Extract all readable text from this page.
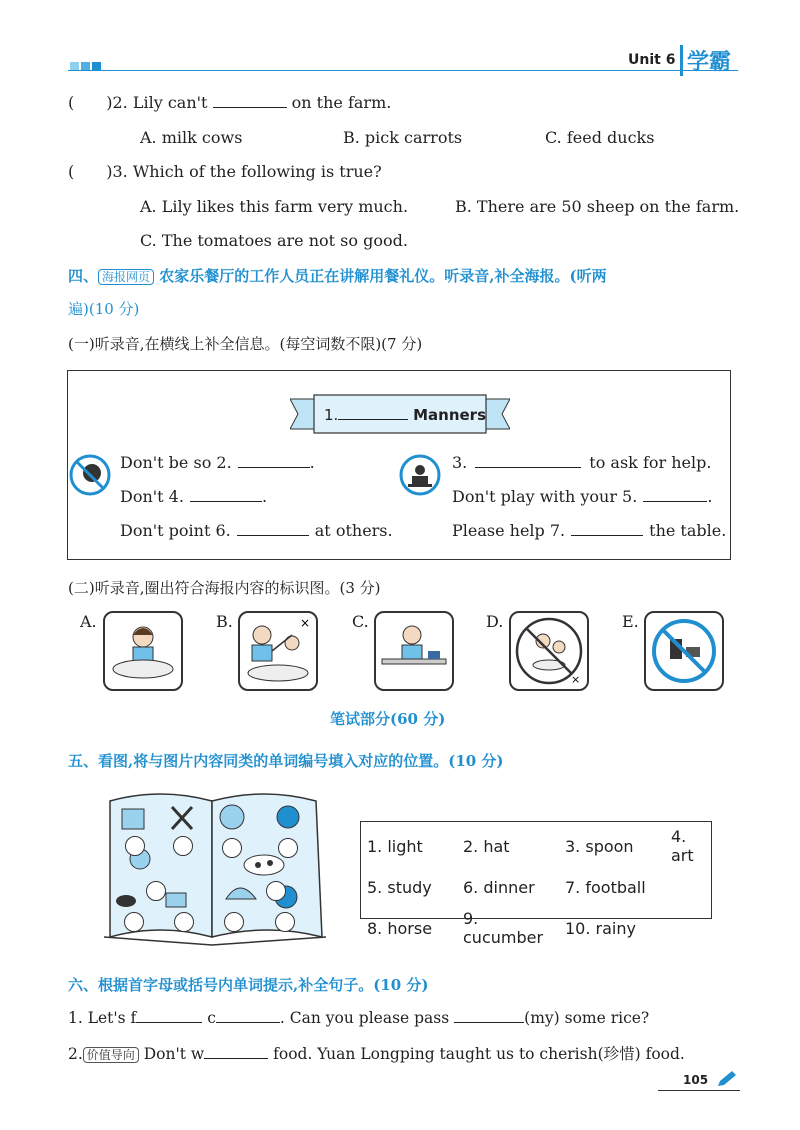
Unit 6 学霸
( )2. Lily can't	on the farm.
A. milk cows	B. pick carrots	C. feed ducks
( )3. Which of the following is true?
A. Lily likes this farm very much.	B. There are 50 sheep on the farm.
C. The tomatoes are not so good.
四、 海报网页 农家乐餐厅的工作人员正在讲解用餐礼仪。听录音,补全海报。(听两
遍)(10 分)
(一)听录音,在横线上补全信息。(每空词数不限)(7 分)
1.	Manners
Don't be so 2.	.
Don't 4.	.
Don't point 6.	at others.
3.	to ask for help.
Don't play with your 5.	.
Please help 7.	the table.
(二)听录音,圈出符合海报内容的标识图。(3 分)
A.	B.	×	C.	D.
×
E.
笔试部分(60 分)
五、看图,将与图片内容同类的单词编号填入对应的位置。(10 分)
1. light	2. hat	3. spoon	4. art
5. study	6. dinner	7. football	
8. horse	9. cucumber	10. rainy	
六、根据首字母或括号内单词提示,补全句子。(10 分)
1. Let's f	c	. Can you please pass	(my) some rice?
2. 价值导向 Don't w	food. Yuan Longping taught us to cherish(珍惜) food.
105
